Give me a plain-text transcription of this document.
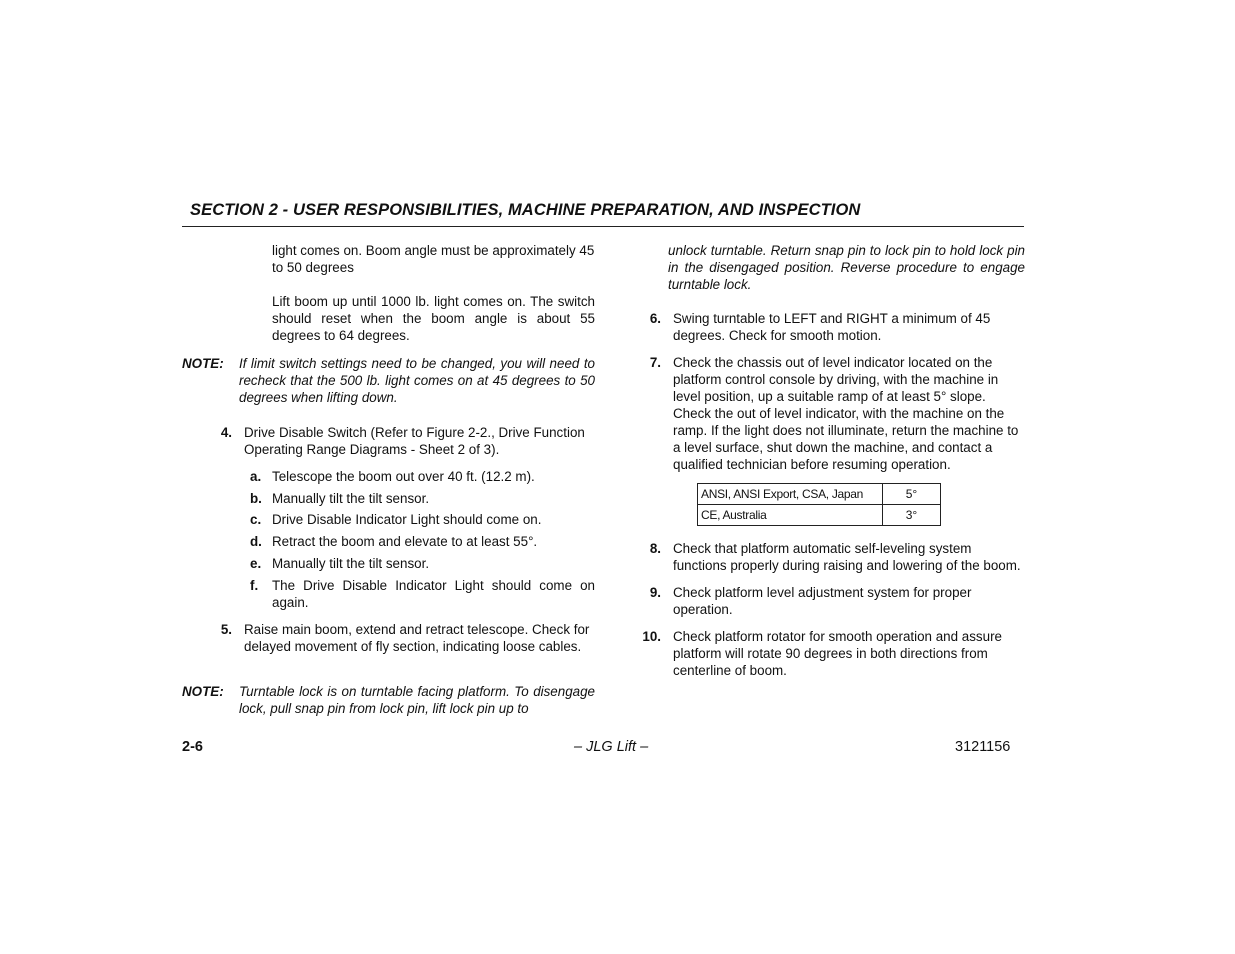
SECTION 2 - USER RESPONSIBILITIES, MACHINE PREPARATION, AND INSPECTION
light comes on. Boom angle must be approximately 45 to 50 degrees
Lift boom up until 1000 lb. light comes on. The switch should reset when the boom angle is about 55 degrees to 64 degrees.
NOTE: If limit switch settings need to be changed, you will need to recheck that the 500 lb. light comes on at 45 degrees to 50 degrees when lifting down.
4. Drive Disable Switch (Refer to Figure 2-2., Drive Function Operating Range Diagrams - Sheet 2 of 3).
a. Telescope the boom out over 40 ft. (12.2 m).
b. Manually tilt the tilt sensor.
c. Drive Disable Indicator Light should come on.
d. Retract the boom and elevate to at least 55°.
e. Manually tilt the tilt sensor.
f.	The Drive Disable Indicator Light should come on again.
5. Raise main boom, extend and retract telescope. Check for delayed movement of fly section, indicating loose cables.
NOTE: Turntable lock is on turntable facing platform. To disengage lock, pull snap pin from lock pin, lift lock pin up to
unlock turntable. Return snap pin to lock pin to hold lock pin in the disengaged position. Reverse procedure to engage turntable lock.
6. Swing turntable to LEFT and RIGHT a minimum of 45 degrees. Check for smooth motion.
7. Check the chassis out of level indicator located on the platform control console by driving, with the machine in level position, up a suitable ramp of at least 5° slope. Check the out of level indicator, with the machine on the ramp. If the light does not illuminate, return the machine to a level surface, shut down the machine, and contact a qualified technician before resuming operation.
ANSI, ANSI Export, CSA, Japan	5°
CE, Australia	3°
8. Check that platform automatic self-leveling system functions properly during raising and lowering of the boom.
9. Check platform level adjustment system for proper operation.
10. Check platform rotator for smooth operation and assure platform will rotate 90 degrees in both directions from centerline of boom.
2-6	– JLG Lift –	3121156
